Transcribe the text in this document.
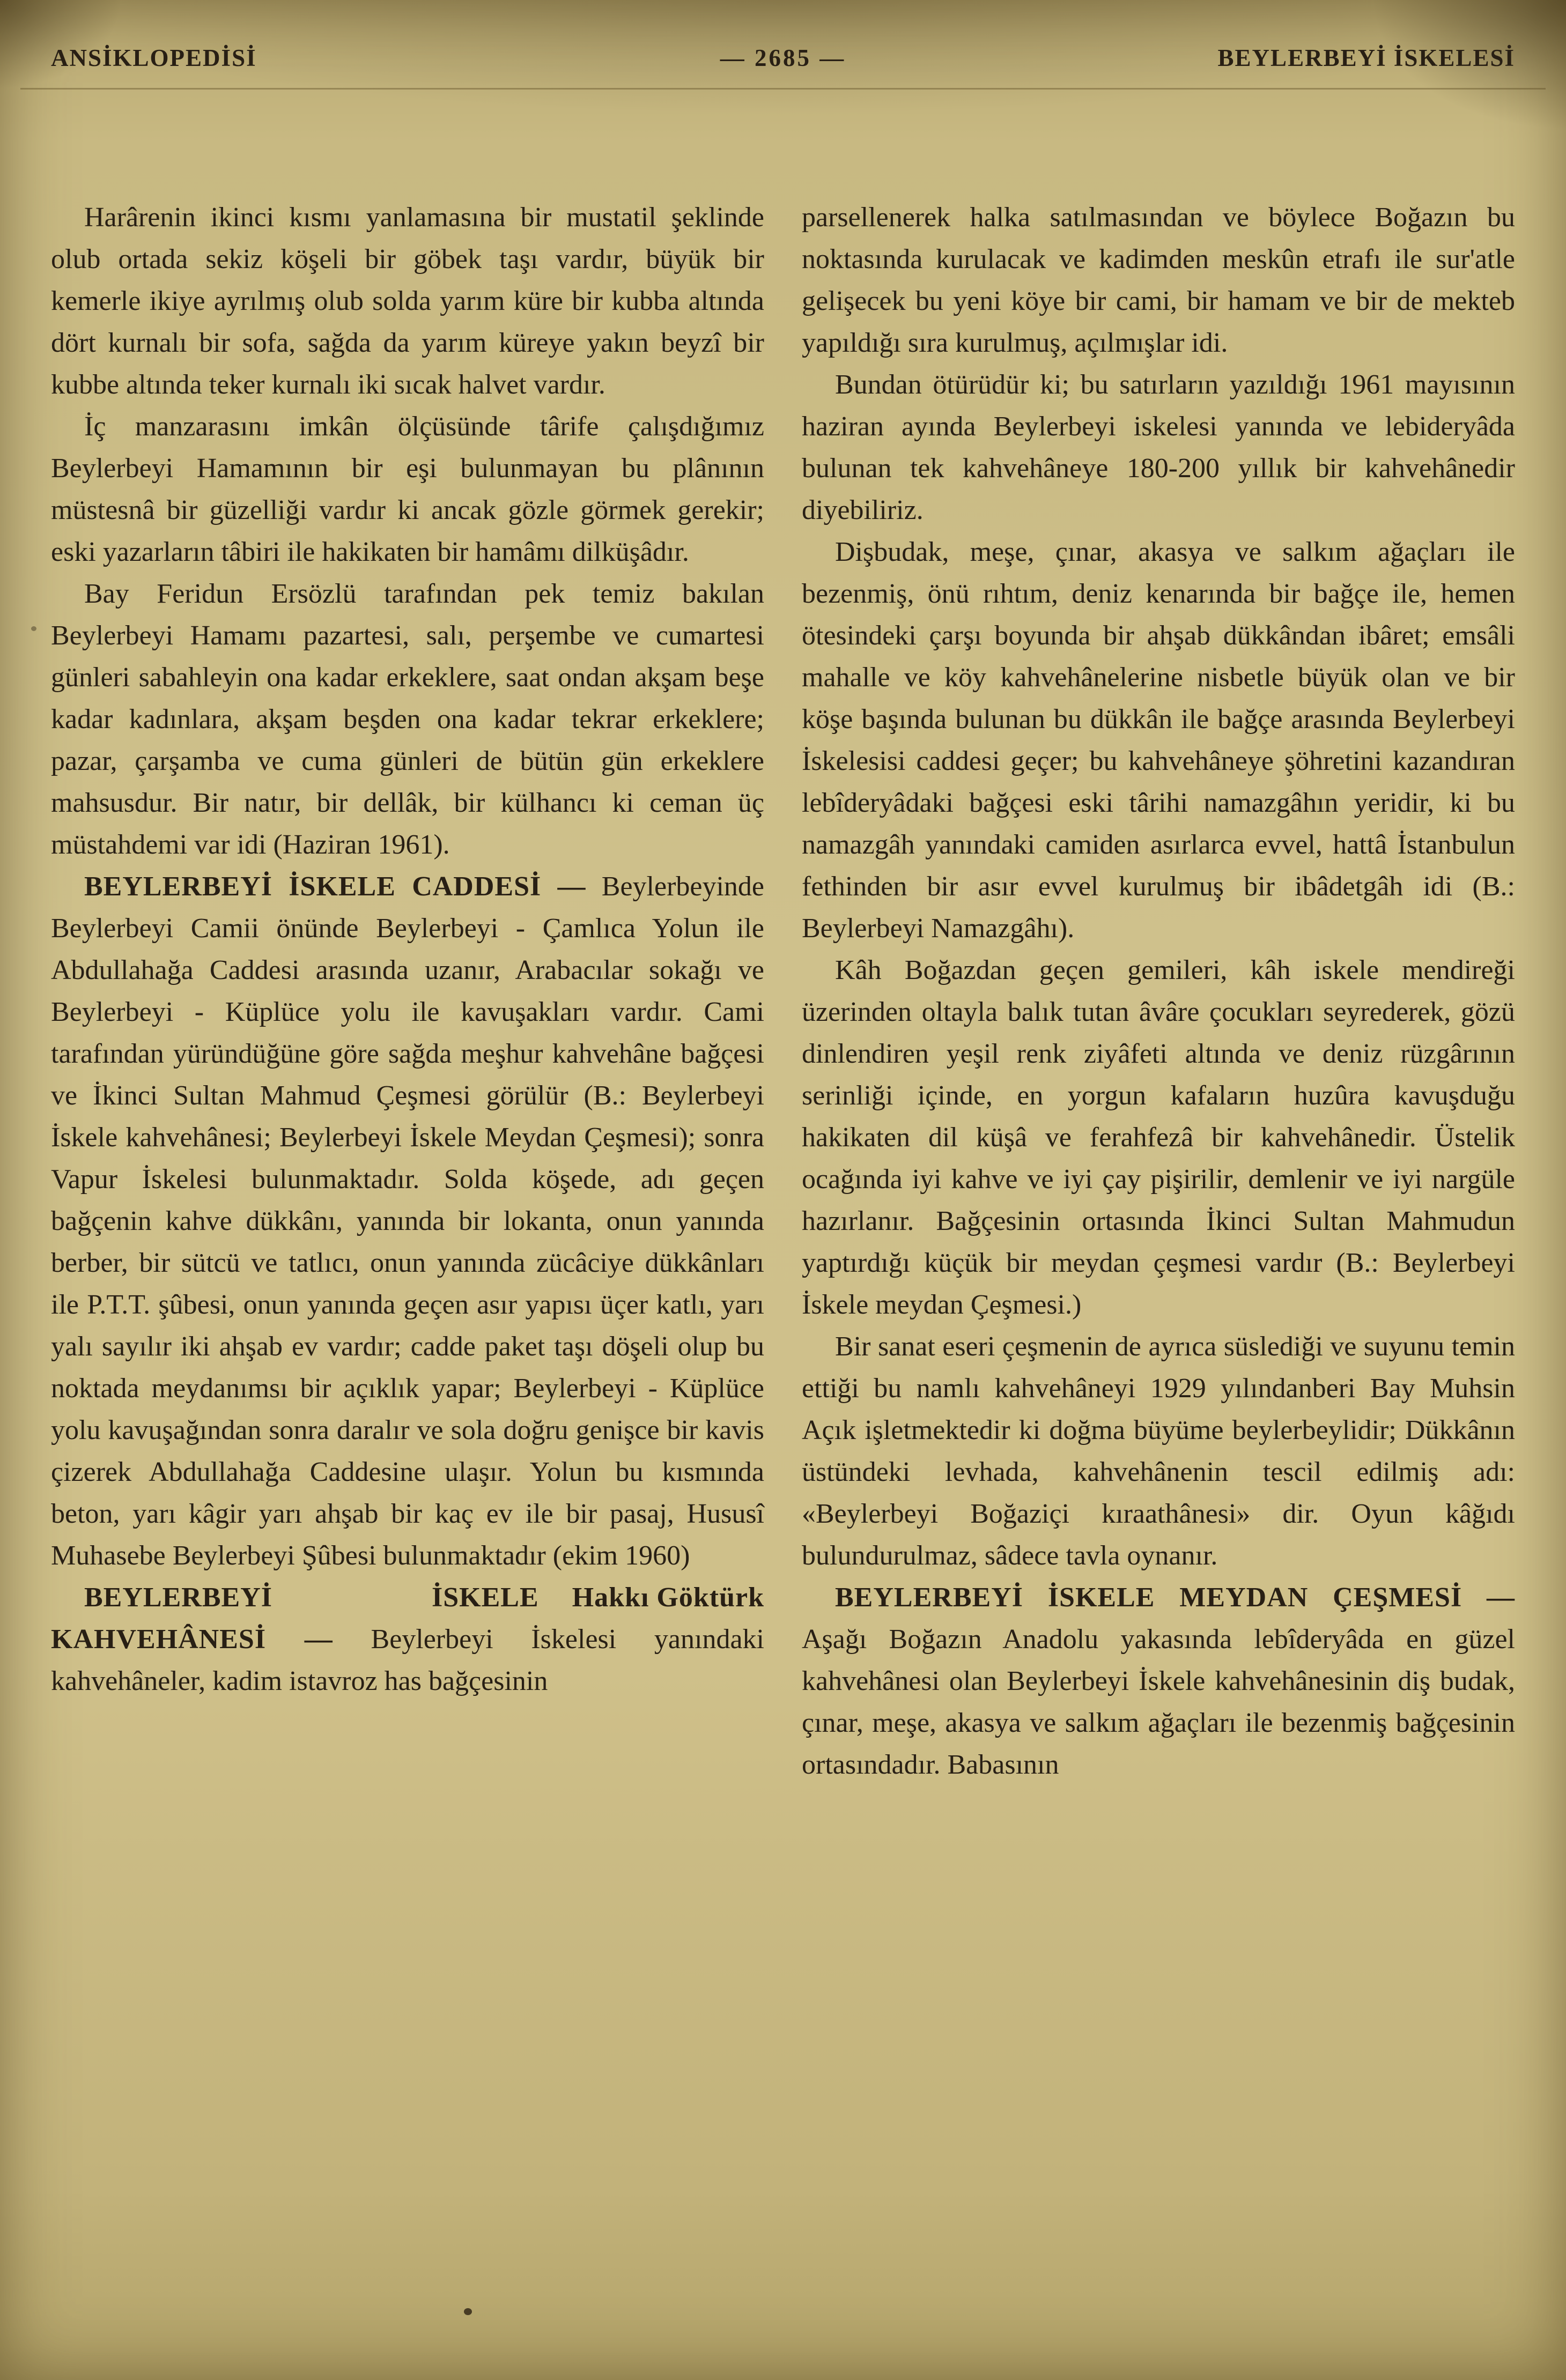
ANSİKLOPEDİSİ	— 2685 —	BEYLERBEYİ İSKELESİ

Harârenin ikinci kısmı yanlamasına bir mustatil şeklinde olub ortada sekiz köşeli bir göbek taşı vardır, büyük bir kemerle ikiye ayrılmış olub solda yarım küre bir kubba altında dört kurnalı bir sofa, sağda da yarım küreye yakın beyzî bir kubbe altında teker kurnalı iki sıcak halvet vardır.

İç manzarasını imkân ölçüsünde târife çalışdığımız Beylerbeyi Hamamının bir eşi bulunmayan bu plânının müstesnâ bir güzelliği vardır ki ancak gözle görmek gerekir; eski yazarların tâbiri ile hakikaten bir hamâmı dilküşâdır.

Bay Feridun Ersözlü tarafından pek temiz bakılan Beylerbeyi Hamamı pazartesi, salı, perşembe ve cumartesi günleri sabahleyin ona kadar erkeklere, saat ondan akşam beşe kadar kadınlara, akşam beşden ona kadar tekrar erkeklere; pazar, çarşamba ve cuma günleri de bütün gün erkeklere mahsusdur. Bir natır, bir dellâk, bir külhancı ki ceman üç müstahdemi var idi (Haziran 1961).

BEYLERBEYİ İSKELE CADDESİ — Beylerbeyinde Beylerbeyi Camii önünde Beylerbeyi - Çamlıca Yolun ile Abdullahağa Caddesi arasında uzanır, Arabacılar sokağı ve Beylerbeyi - Küplüce yolu ile kavuşakları vardır. Cami tarafından yüründüğüne göre sağda meşhur kahvehâne bağçesi ve İkinci Sultan Mahmud Çeşmesi görülür (B.: Beylerbeyi İskele kahvehânesi; Beylerbeyi İskele Meydan Çeşmesi); sonra Vapur İskelesi bulunmaktadır. Solda köşede, adı geçen bağçenin kahve dükkânı, yanında bir lokanta, onun yanında berber, bir sütcü ve tatlıcı, onun yanında zücâciye dükkânları ile P.T.T. şûbesi, onun yanında geçen asır yapısı üçer katlı, yarı yalı sayılır iki ahşab ev vardır; cadde paket taşı döşeli olup bu noktada meydanımsı bir açıklık yapar; Beylerbeyi - Küplüce yolu kavuşağından sonra daralır ve sola doğru genişce bir kavis çizerek Abdullahağa Caddesine ulaşır. Yolun bu kısmında beton, yarı kâgir yarı ahşab bir kaç ev ile bir pasaj, Hususî Muhasebe Beylerbeyi Şûbesi bulunmaktadır (ekim 1960)
Hakkı Göktürk

BEYLERBEYİ İSKELE KAHVEHÂNESİ — Beylerbeyi İskelesi yanındaki kahvehâneler, kadim istavroz has bağçesinin

parsellenerek halka satılmasından ve böylece Boğazın bu noktasında kurulacak ve kadimden meskûn etrafı ile sur'atle gelişecek bu yeni köye bir cami, bir hamam ve bir de mekteb yapıldığı sıra kurulmuş, açılmışlar idi.

Bundan ötürüdür ki; bu satırların yazıldığı 1961 mayısının haziran ayında Beylerbeyi iskelesi yanında ve lebideryâda bulunan tek kahvehâneye 180-200 yıllık bir kahvehânedir diyebiliriz.

Dişbudak, meşe, çınar, akasya ve salkım ağaçları ile bezenmiş, önü rıhtım, deniz kenarında bir bağçe ile, hemen ötesindeki çarşı boyunda bir ahşab dükkândan ibâret; emsâli mahalle ve köy kahvehânelerine nisbetle büyük olan ve bir köşe başında bulunan bu dükkân ile bağçe arasında Beylerbeyi İskelesisi caddesi geçer; bu kahvehâneye şöhretini kazandıran lebîderyâdaki bağçesi eski târihi namazgâhın yeridir, ki bu namazgâh yanındaki camiden asırlarca evvel, hattâ İstanbulun fethinden bir asır evvel kurulmuş bir ibâdetgâh idi (B.: Beylerbeyi Namazgâhı).

Kâh Boğazdan geçen gemileri, kâh iskele mendireği üzerinden oltayla balık tutan âvâre çocukları seyrederek, gözü dinlendiren yeşil renk ziyâfeti altında ve deniz rüzgârının serinliği içinde, en yorgun kafaların huzûra kavuşduğu hakikaten dil küşâ ve ferahfezâ bir kahvehânedir. Üstelik ocağında iyi kahve ve iyi çay pişirilir, demlenir ve iyi nargüle hazırlanır. Bağçesinin ortasında İkinci Sultan Mahmudun yaptırdığı küçük bir meydan çeşmesi vardır (B.: Beylerbeyi İskele meydan Çeşmesi.)

Bir sanat eseri çeşmenin de ayrıca süslediği ve suyunu temin ettiği bu namlı kahvehâneyi 1929 yılındanberi Bay Muhsin Açık işletmektedir ki doğma büyüme beylerbeylidir; Dükkânın üstündeki levhada, kahvehânenin tescil edilmiş adı: «Beylerbeyi Boğaziçi kıraathânesi» dir. Oyun kâğıdı bulundurulmaz, sâdece tavla oynanır.

BEYLERBEYİ İSKELE MEYDAN ÇEŞMESİ — Aşağı Boğazın Anadolu yakasında lebîderyâda en güzel kahvehânesi olan Beylerbeyi İskele kahvehânesinin diş budak, çınar, meşe, akasya ve salkım ağaçları ile bezenmiş bağçesinin ortasındadır. Babasının
